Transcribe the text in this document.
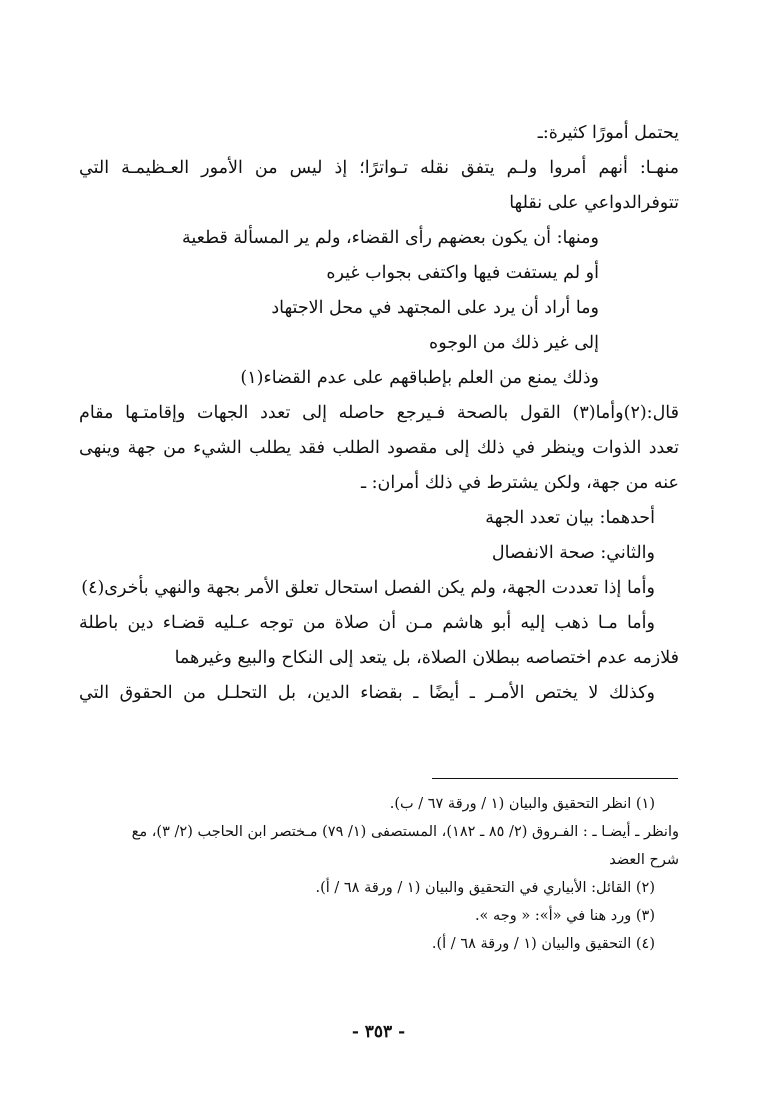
يحتمل أمورًا كثيرة:ـ

منهـا: أنهم أمروا ولـم يتفق نقله تـواترًا؛ إذ ليس من الأمور العـظيمـة التي

تتوفرالدواعي على نقلها

ومنها: أن يكون بعضهم رأى القضاء، ولم ير المسألة قطعية

أو لم يستفت فيها واكتفى بجواب غيره

وما أراد أن يرد على المجتهد في محل الاجتهاد

إلى غير ذلك من الوجوه

وذلك يمنع من العلم بإطباقهم على عدم القضاء(١)

قال:(٢)وأما(٣) القول بالصحة فـيرجع حاصله إلى تعدد الجهات وإقامتـها مقام

تعدد الذوات وينظر في ذلك إلى مقصود الطلب فقد يطلب الشيء من جهة وينهى

عنه من جهة، ولكن يشترط في ذلك أمران: ـ

أحدهما: بيان تعدد الجهة

والثاني: صحة الانفصال

وأما إذا تعددت الجهة، ولم يكن الفصل استحال تعلق الأمر بجهة والنهي بأخرى(٤)

وأما مـا ذهب إليه أبو هاشم مـن أن صلاة من توجه عـليه قضـاء دين باطلة

فلازمه عدم اختصاصه ببطلان الصلاة، بل يتعد إلى النكاح والبيع وغيرهما

وكذلك لا يختص الأمـر ـ أيضًا ـ بقضاء الدين، بل التحلـل من الحقوق التي

(١) انظر التحقيق والبيان (١ / ورقة ٦٧ / ب).

وانظر ـ أيضـا ـ : الفـروق (٢/ ٨٥ ـ ١٨٢)، المستصفى (١/ ٧٩) مـختصر ابن الحاجب (٢/ ٣)، مع

شرح العضد

(٢) القائل: الأبياري في التحقيق والبيان (١ / ورقة ٦٨ / أ).

(٣) ورد هنا في «أ»: « وجه ».

(٤) التحقيق والبيان (١ / ورقة ٦٨ / أ).

- ٣٥٣ -
